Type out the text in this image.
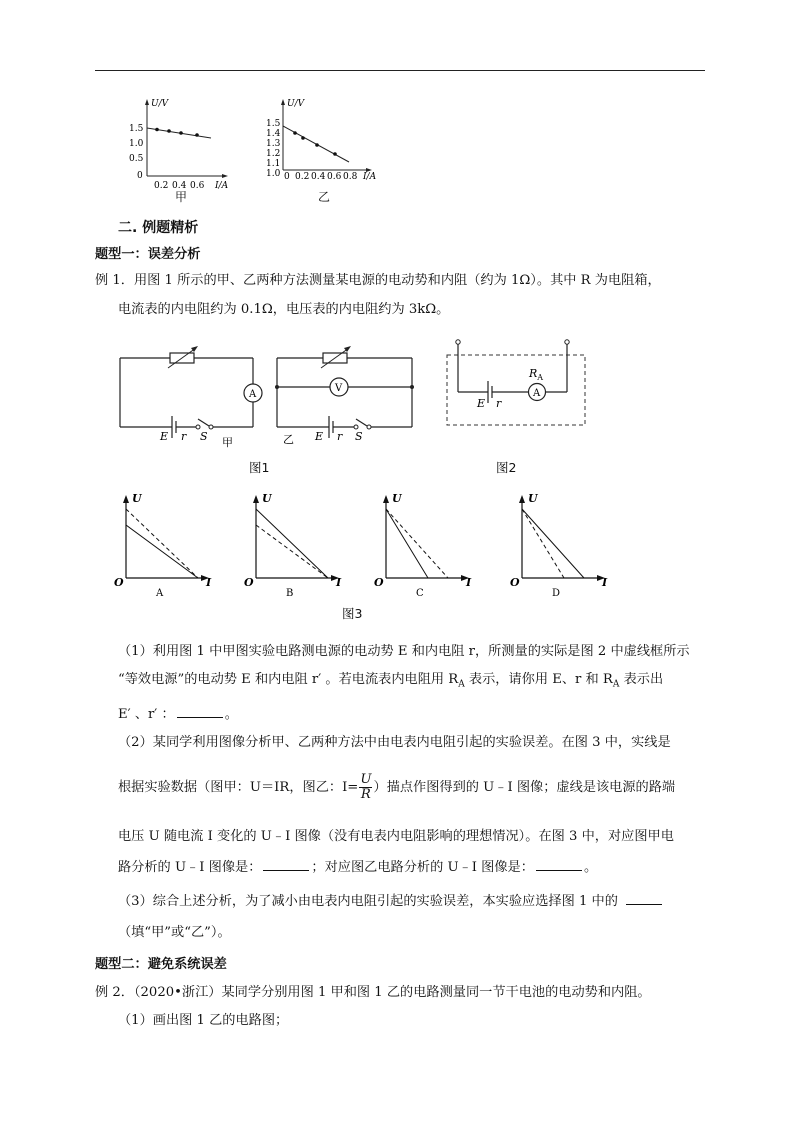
U/V
1.5
1.0
0.5
0
0.2 0.4 0.6 I/A
甲
U/V
1.5
1.4
1.3
1.2
1.1
1.0 0 0.2 0.4 0.6 0.8 I/A
乙
二. 例题精析
题型一：误差分析
例 1．用图 1 所示的甲、乙两种方法测量某电源的电动势和内阻（约为 1Ω）。其中 R 为电阻箱，
电流表的内电阻约为 0.1Ω，电压表的内电阻约为 3kΩ。
A
E r S 甲
V
乙 E r S
图1
A
$R_A$
E r
图2
U
O	I
A
U
O	I
B
U
O	I
C
U
O	I
D
图3
（1）利用图 1 中甲图实验电路测电源的电动势 E 和内电阻 r，所测量的实际是图 2 中虚线框所示
“等效电源”的电动势 E 和内电阻 r′ 。若电流表内电阻用 $R_A$ 表示，请你用 E、r 和 $R_A$ 表示出
E′ 、r′ ：	。
（2）某同学利用图像分析甲、乙两种方法中由电表内电阻引起的实验误差。在图 3 中，实线是
根据实验数据（图甲：U＝IR，图乙：$I= \frac{U}{R}$ ）描点作图得到的 U﹣I 图像；虚线是该电源的路端
电压 U 随电流 I 变化的 U﹣I 图像（没有电表内电阻影响的理想情况）。在图 3 中，对应图甲电
路分析的 U﹣I 图像是：	；对应图乙电路分析的 U﹣I 图像是：	。
（3）综合上述分析，为了减小由电表内电阻引起的实验误差，本实验应选择图 1 中的
（填“甲”或“乙”）。
题型二：避免系统误差
例 2．（2020•浙江）某同学分别用图 1 甲和图 1 乙的电路测量同一节干电池的电动势和内阻。
（1）画出图 1 乙的电路图；
